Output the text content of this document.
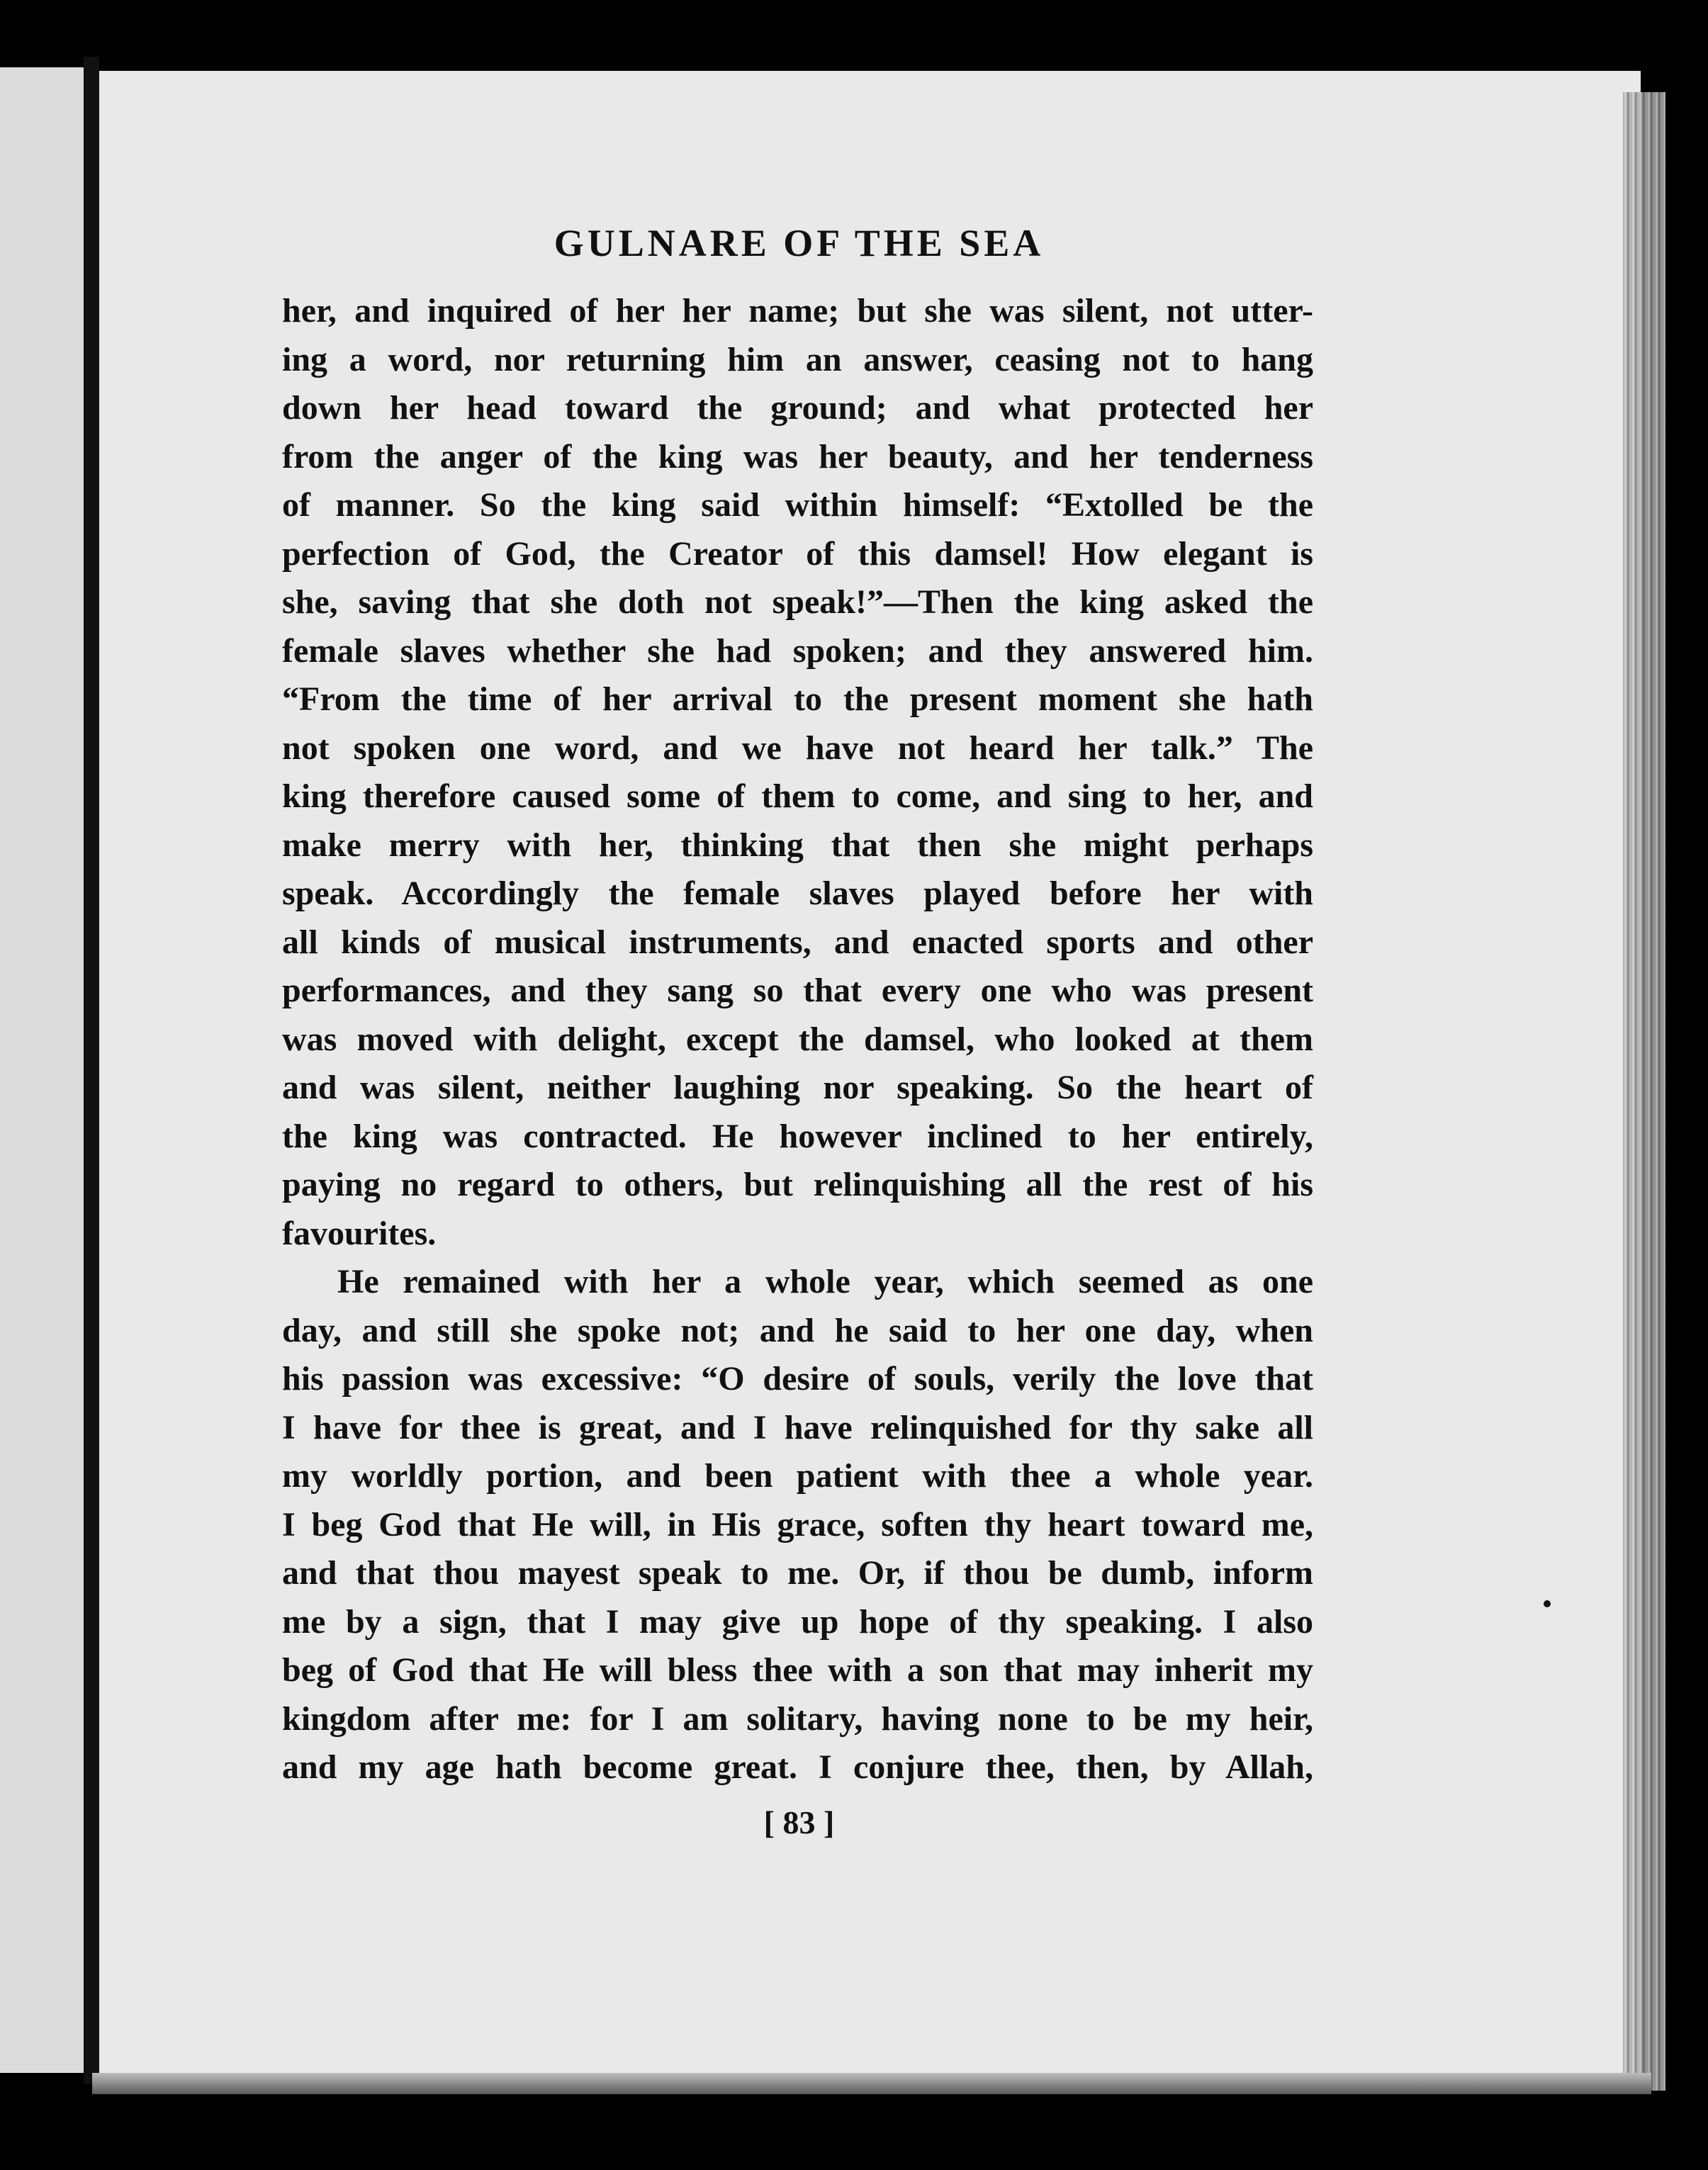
GULNARE OF THE SEA
her, and inquired of her her name; but she was silent, not utter-
ing a word, nor returning him an answer, ceasing not to hang
down her head toward the ground; and what protected her
from the anger of the king was her beauty, and her tenderness
of manner. So the king said within himself: “Extolled be the
perfection of God, the Creator of this damsel! How elegant is
she, saving that she doth not speak!”—Then the king asked the
female slaves whether she had spoken; and they answered him.
“From the time of her arrival to the present moment she hath
not spoken one word, and we have not heard her talk.” The
king therefore caused some of them to come, and sing to her, and
make merry with her, thinking that then she might perhaps
speak. Accordingly the female slaves played before her with
all kinds of musical instruments, and enacted sports and other
performances, and they sang so that every one who was present
was moved with delight, except the damsel, who looked at them
and was silent, neither laughing nor speaking. So the heart of
the king was contracted. He however inclined to her entirely,
paying no regard to others, but relinquishing all the rest of his
favourites.
He remained with her a whole year, which seemed as one
day, and still she spoke not; and he said to her one day, when
his passion was excessive: “O desire of souls, verily the love that
I have for thee is great, and I have relinquished for thy sake all
my worldly portion, and been patient with thee a whole year.
I beg God that He will, in His grace, soften thy heart toward me,
and that thou mayest speak to me. Or, if thou be dumb, inform
me by a sign, that I may give up hope of thy speaking. I also
beg of God that He will bless thee with a son that may inherit my
kingdom after me: for I am solitary, having none to be my heir,
and my age hath become great. I conjure thee, then, by Allah,
[ 83 ]
